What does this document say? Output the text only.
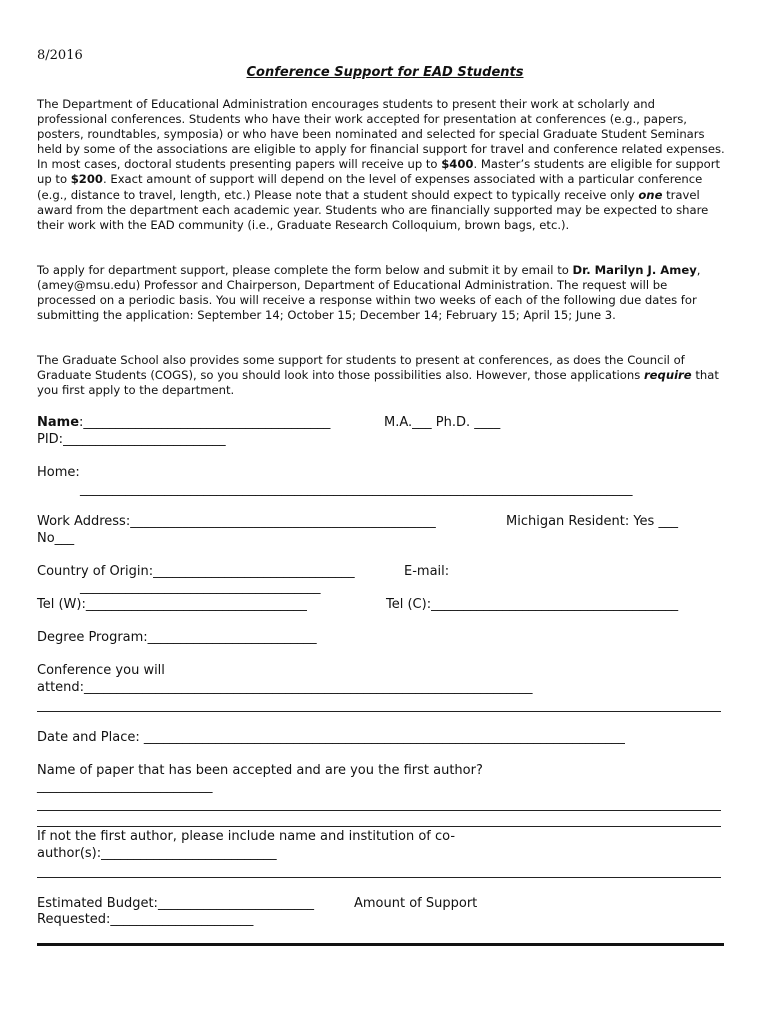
8/2016
Conference Support for EAD Students
The Department of Educational Administration encourages students to present their work at scholarly and professional conferences. Students who have their work accepted for presentation at conferences (e.g., papers, posters, roundtables, symposia) or who have been nominated and selected for special Graduate Student Seminars held by some of the associations are eligible to apply for financial support for travel and conference related expenses. In most cases, doctoral students presenting papers will receive up to $400. Master’s students are eligible for support up to $200. Exact amount of support will depend on the level of expenses associated with a particular conference (e.g., distance to travel, length, etc.) Please note that a student should expect to typically receive only one travel award from the department each academic year. Students who are financially supported may be expected to share their work with the EAD community (i.e., Graduate Research Colloquium, brown bags, etc.).
To apply for department support, please complete the form below and submit it by email to Dr. Marilyn J. Amey, (amey@msu.edu) Professor and Chairperson, Department of Educational Administration. The request will be processed on a periodic basis. You will receive a response within two weeks of each of the following due dates for submitting the application: September 14; October 15; December 14; February 15; April 15; June 3.
The Graduate School also provides some support for students to present at conferences, as does the Council of Graduate Students (COGS), so you should look into those possibilities also. However, those applications require that you first apply to the department.
Name:______________________________________	M.A.___ Ph.D. ____
PID:_________________________
Home:
_____________________________________________________________________________________
Work Address:_______________________________________________	Michigan Resident: Yes ___
No___
Country of Origin:_______________________________	E-mail:
_____________________________________
Tel (W):__________________________________	Tel (C):______________________________________
Degree Program:__________________________
Conference you will
attend:_____________________________________________________________________
Date and Place: __________________________________________________________________________
Name of paper that has been accepted and are you the first author?
___________________________
If not the first author, please include name and institution of co-
author(s):___________________________
Estimated Budget:________________________	Amount of Support
Requested:______________________
